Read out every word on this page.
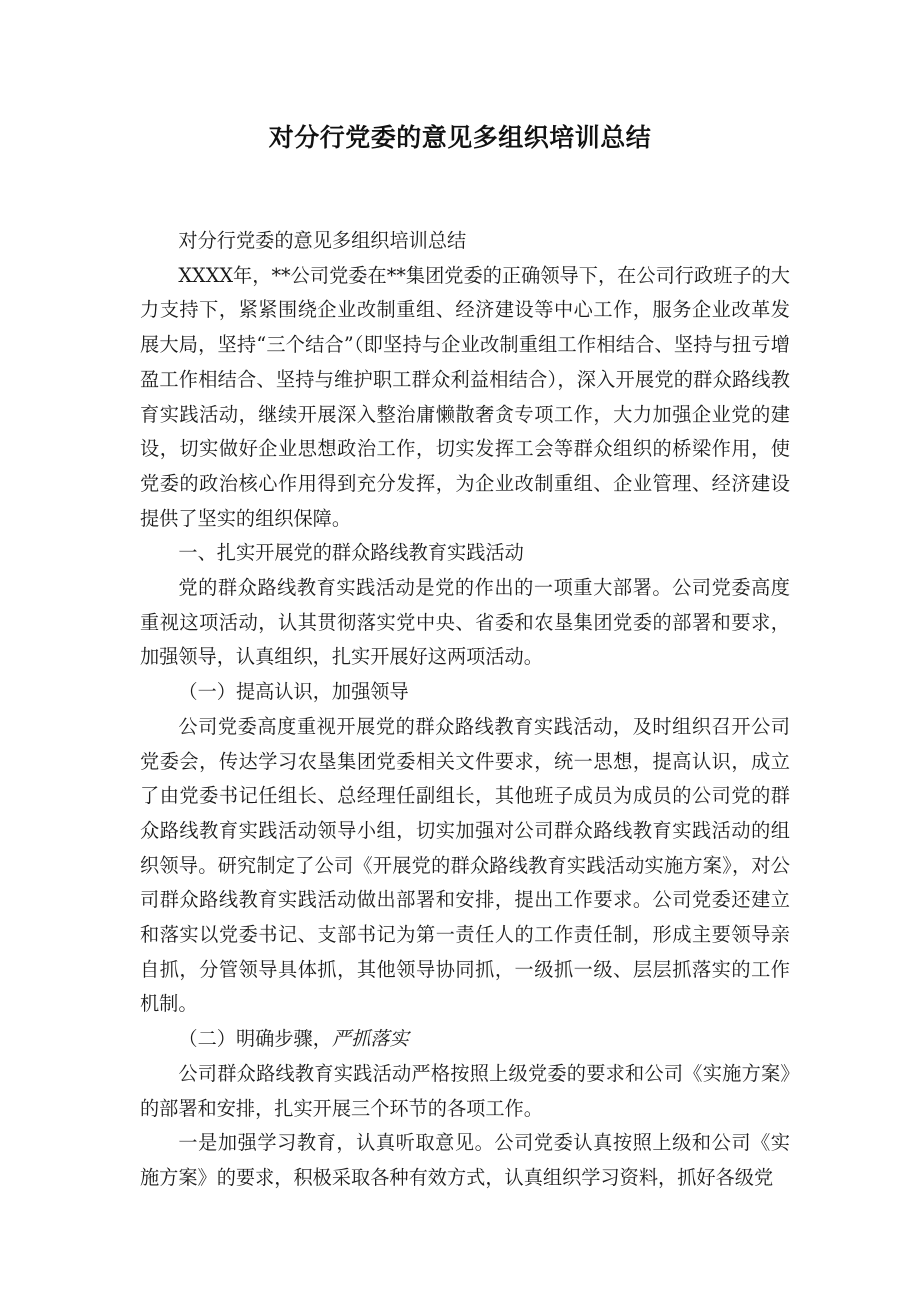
对分行党委的意见多组织培训总结

对分行党委的意见多组织培训总结

XXXX年，**公司党委在**集团党委的正确领导下，在公司行政班子的大力支持下，紧紧围绕企业改制重组、经济建设等中心工作，服务企业改革发展大局，坚持“三个结合”（即坚持与企业改制重组工作相结合、坚持与扭亏增盈工作相结合、坚持与维护职工群众利益相结合），深入开展党的群众路线教育实践活动，继续开展深入整治庸懒散奢贪专项工作，大力加强企业党的建设，切实做好企业思想政治工作，切实发挥工会等群众组织的桥梁作用，使党委的政治核心作用得到充分发挥，为企业改制重组、企业管理、经济建设提供了坚实的组织保障。

一、扎实开展党的群众路线教育实践活动

党的群众路线教育实践活动是党的作出的一项重大部署。公司党委高度重视这项活动，认其贯彻落实党中央、省委和农垦集团党委的部署和要求，加强领导，认真组织，扎实开展好这两项活动。

（一）提高认识，加强领导

公司党委高度重视开展党的群众路线教育实践活动，及时组织召开公司党委会，传达学习农垦集团党委相关文件要求，统一思想，提高认识，成立了由党委书记任组长、总经理任副组长，其他班子成员为成员的公司党的群众路线教育实践活动领导小组，切实加强对公司群众路线教育实践活动的组织领导。研究制定了公司《开展党的群众路线教育实践活动实施方案》，对公司群众路线教育实践活动做出部署和安排，提出工作要求。公司党委还建立和落实以党委书记、支部书记为第一责任人的工作责任制，形成主要领导亲自抓，分管领导具体抓，其他领导协同抓，一级抓一级、层层抓落实的工作机制。

（二）明确步骤，严抓落实

公司群众路线教育实践活动严格按照上级党委的要求和公司《实施方案》的部署和安排，扎实开展三个环节的各项工作。

一是加强学习教育，认真听取意见。公司党委认真按照上级和公司《实施方案》的要求，积极采取各种有效方式，认真组织学习资料，抓好各级党
